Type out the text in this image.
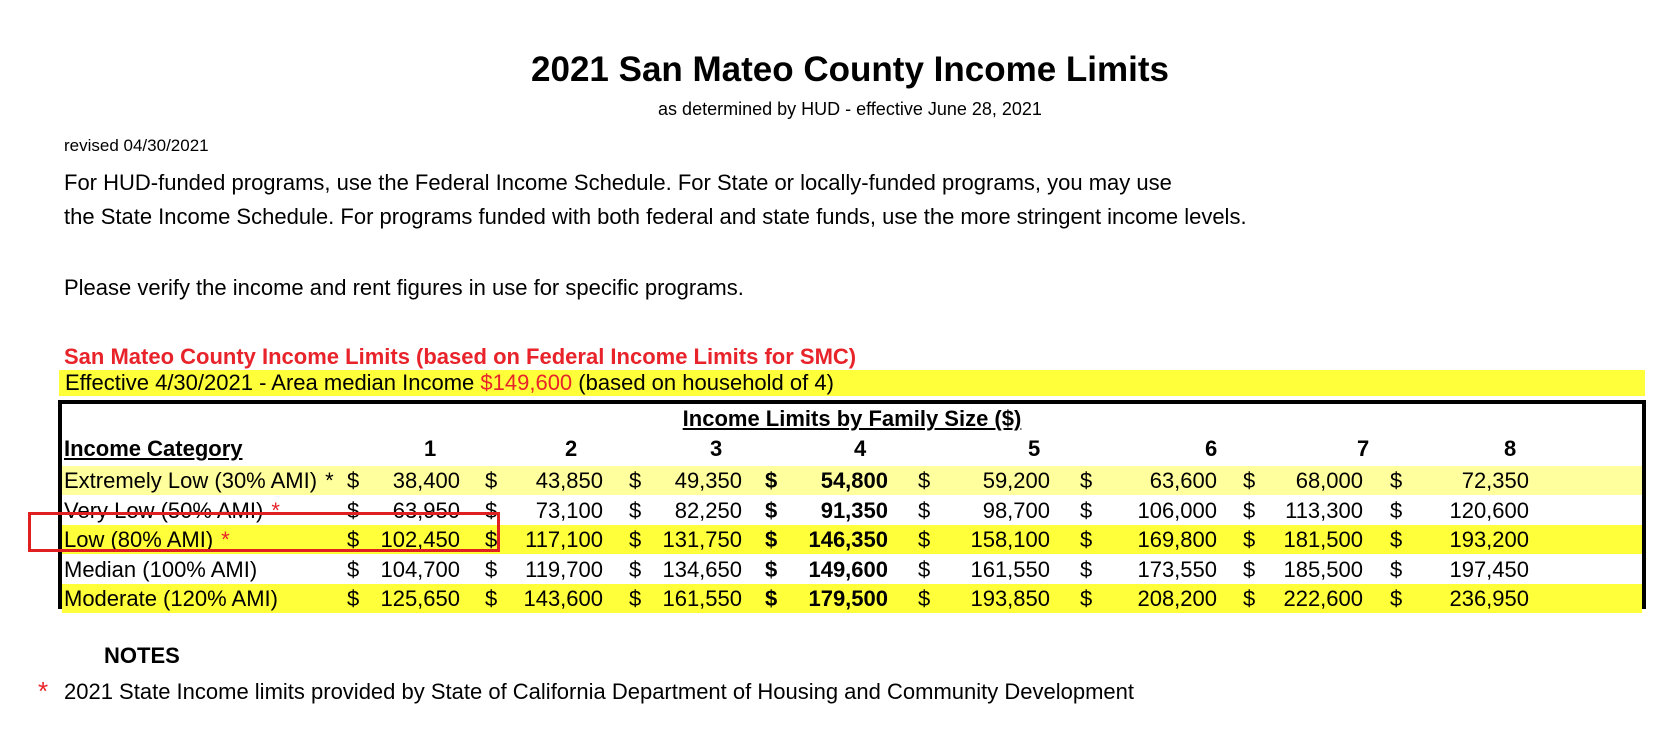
2021 San Mateo County Income Limits
as determined by HUD - effective June 28, 2021
revised 04/30/2021
For HUD-funded programs, use the Federal Income Schedule. For State or locally-funded programs, you may use
the State Income Schedule. For programs funded with both federal and state funds, use the more stringent income levels.
Please verify the income and rent figures in use for specific programs.
San Mateo County Income Limits (based on Federal Income Limits for SMC)
Effective 4/30/2021 - Area median Income $149,600 (based on household of 4)
Income Limits by Family Size ($)
Income Category	1	2	3	4	5	6	7	8
Extremely Low (30% AMI) * $	38,400 $	43,850 $	49,350 $	54,800 $	59,200 $	63,600 $	68,000 $	72,350
Very Low (50% AMI) *	$	63,950 $	73,100 $	82,250 $	91,350 $	98,700 $	106,000 $	113,300 $	120,600
Low (80% AMI) *	$ 102,450 $	117,100 $ 131,750 $	146,350 $	158,100 $	169,800 $	181,500 $	193,200
Median (100% AMI)	$ 104,700 $	119,700 $ 134,650 $	149,600 $	161,550 $	173,550 $	185,500 $	197,450
Moderate (120% AMI)	$ 125,650 $	143,600 $ 161,550 $	179,500 $	193,850 $	208,200 $	222,600 $	236,950
NOTES
* 2021 State Income limits provided by State of California Department of Housing and Community Development
